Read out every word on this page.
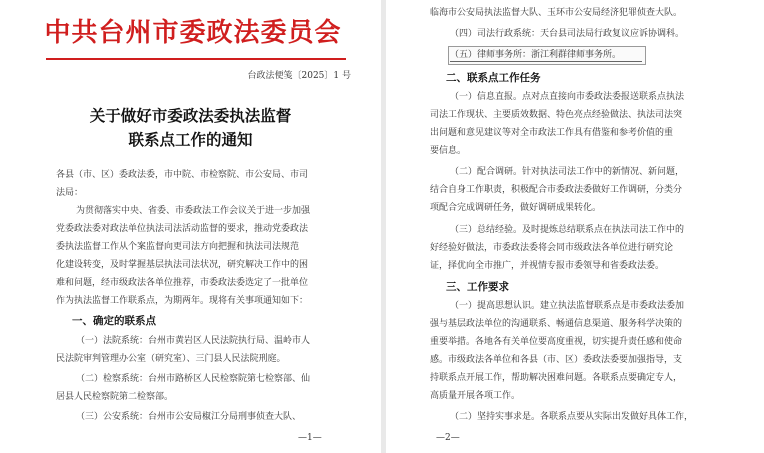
中共台州市委政法委员会
台政法便笺〔2025〕1 号
关于做好市委政法委执法监督
联系点工作的通知
各县（市、区）委政法委，市中院、市检察院、市公安局、市司
法局：
为贯彻落实中央、省委、市委政法工作会议关于进一步加强
党委政法委对政法单位执法司法活动监督的要求，推动党委政法
委执法监督工作从个案监督向更司法方向把握和执法司法规范
化建设转变，及时掌握基层执法司法状况，研究解决工作中的困
难和问题，经市级政法各单位推荐，市委政法委选定了一批单位
作为执法监督工作联系点，为期两年。现将有关事项通知如下：
一、确定的联系点
（一）法院系统：台州市黄岩区人民法院执行局、温岭市人
民法院审判管理办公室（研究室）、三门县人民法院刑庭。
（二）检察系统：台州市路桥区人民检察院第七检察部、仙
居县人民检察院第二检察部。
（三）公安系统：台州市公安局椒江分局刑事侦查大队、
—1—
临海市公安局执法监督大队、玉环市公安局经济犯罪侦查大队。
（四）司法行政系统：天台县司法局行政复议应诉协调科。
（五）律师事务所：浙江利群律师事务所。
二、联系点工作任务
（一）信息直报。点对点直接向市委政法委报送联系点执法
司法工作现状、主要质效数据、特色亮点经验做法、执法司法突
出问题和意见建议等对全市政法工作具有借鉴和参考价值的重
要信息。
（二）配合调研。针对执法司法工作中的新情况、新问题，
结合自身工作职责，积极配合市委政法委做好工作调研，分类分
项配合完成调研任务，做好调研成果转化。
（三）总结经验。及时提炼总结联系点在执法司法工作中的
好经验好做法，市委政法委将会同市级政法各单位进行研究论
证，择优向全市推广，并视情专报市委领导和省委政法委。
三、工作要求
（一）提高思想认识。建立执法监督联系点是市委政法委加
强与基层政法单位的沟通联系、畅通信息渠道、服务科学决策的
重要举措。各地各有关单位要高度重视，切实提升责任感和使命
感。市级政法各单位和各县（市、区）委政法委要加强指导，支
持联系点开展工作，帮助解决困难问题。各联系点要确定专人，
高质量开展各项工作。
（二）坚持实事求是。各联系点要从实际出发做好具体工作，
—2—
